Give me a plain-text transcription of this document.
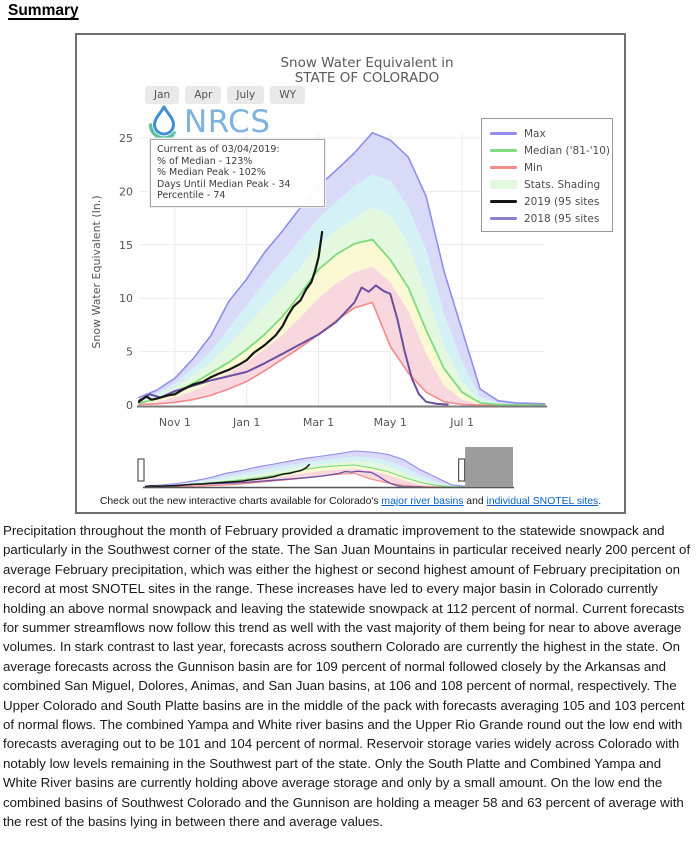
Summary
Snow Water Equivalent in
STATE OF COLORADO
Jan	Apr	July	WY
NRCS
Snow Water Equivalent (In.)
0
5
10
15
20
25
Nov 1	Jan 1	Mar 1	May 1	Jul 1
Current as of 03/04/2019:
% of Median - 123%
% Median Peak - 102%
Days Until Median Peak - 34
Percentile - 74
Max
Median ('81-'10)
Min
Stats. Shading
2019 (95 sites
2018 (95 sites
Check out the new interactive charts available for Colorado's major river basins and individual SNOTEL sites.

Precipitation throughout the month of February provided a dramatic improvement to the statewide snowpack and particularly in the Southwest corner of the state. The San Juan Mountains in particular received nearly 200 percent of average February precipitation, which was either the highest or second highest amount of February precipitation on record at most SNOTEL sites in the range. These increases have led to every major basin in Colorado currently holding an above normal snowpack and leaving the statewide snowpack at 112 percent of normal. Current forecasts for summer streamflows now follow this trend as well with the vast majority of them being for near to above average volumes. In stark contrast to last year, forecasts across southern Colorado are currently the highest in the state. On average forecasts across the Gunnison basin are for 109 percent of normal followed closely by the Arkansas and combined San Miguel, Dolores, Animas, and San Juan basins, at 106 and 108 percent of normal, respectively. The Upper Colorado and South Platte basins are in the middle of the pack with forecasts averaging 105 and 103 percent of normal flows. The combined Yampa and White river basins and the Upper Rio Grande round out the low end with forecasts averaging out to be 101 and 104 percent of normal. Reservoir storage varies widely across Colorado with notably low levels remaining in the Southwest part of the state. Only the South Platte and Combined Yampa and White River basins are currently holding above average storage and only by a small amount. On the low end the combined basins of Southwest Colorado and the Gunnison are holding a meager 58 and 63 percent of average with the rest of the basins lying in between there and average values.
